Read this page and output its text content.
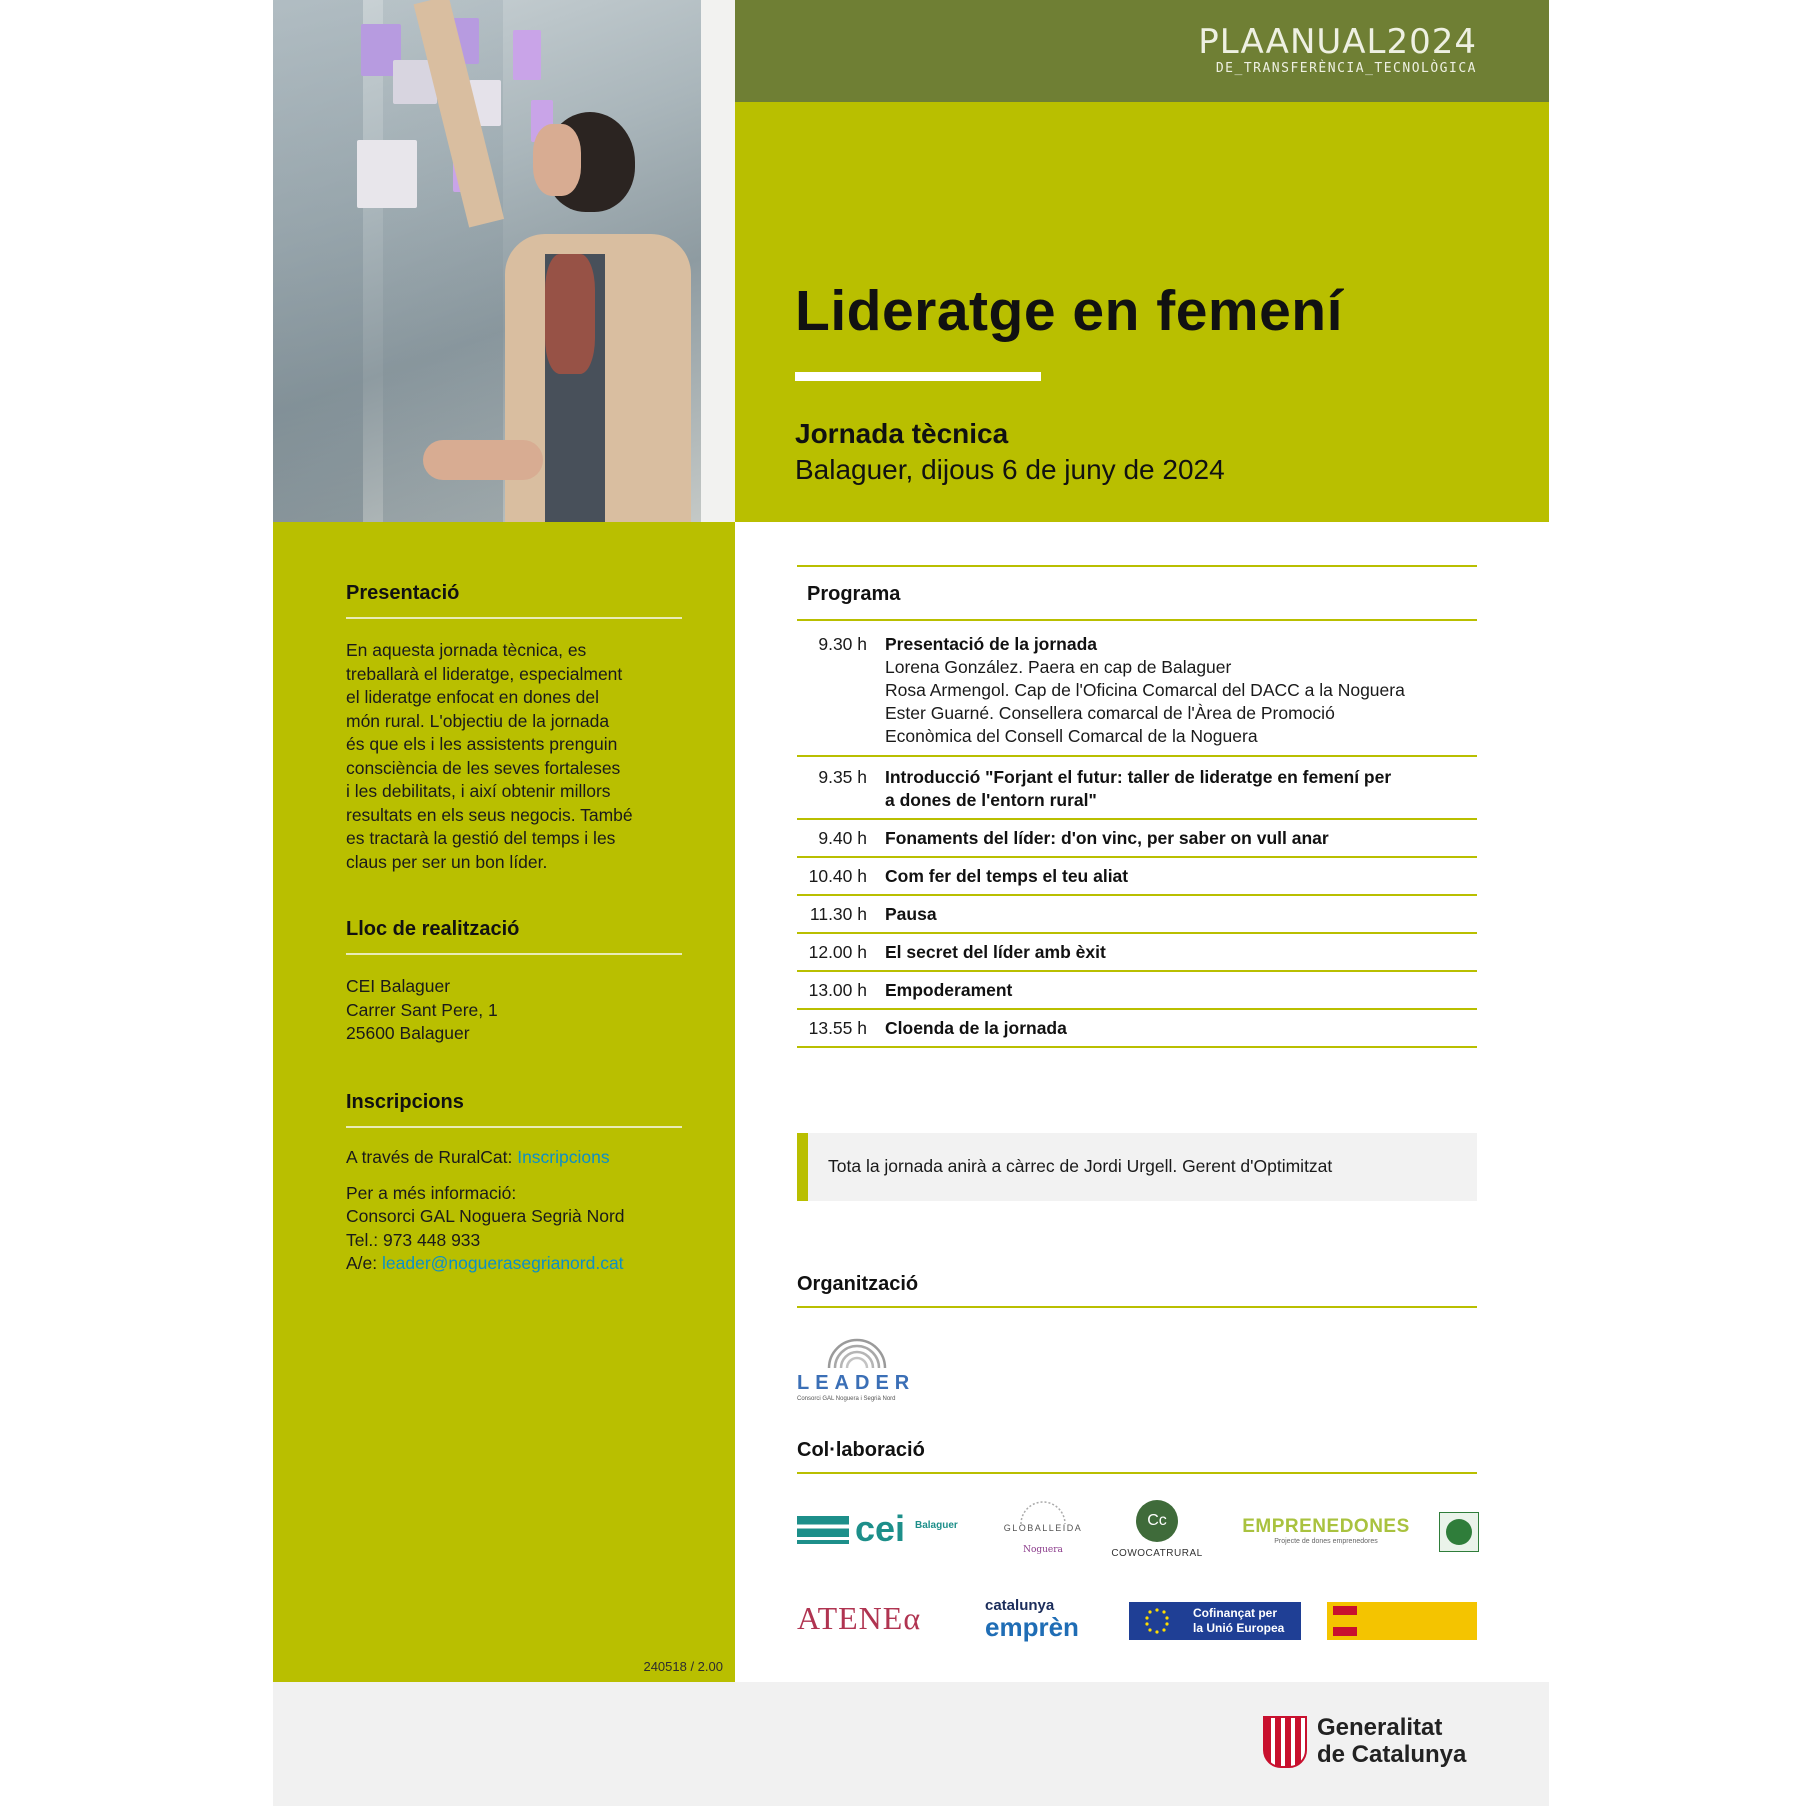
PLAANUAL2024
DE_TRANSFERÈNCIA_TECNOLÒGICA
Lideratge en femení
Jornada tècnica
Balaguer, dijous 6 de juny de 2024
Presentació

En aquesta jornada tècnica, es

treballarà el lideratge, especialment

el lideratge enfocat en dones del

món rural. L'objectiu de la jornada

és que els i les assistents prenguin

consciència de les seves fortaleses

i les debilitats, i així obtenir millors

resultats en els seus negocis. També

es tractarà la gestió del temps i les

claus per ser un bon líder.

Lloc de realització

CEI Balaguer

Carrer Sant Pere, 1

25600 Balaguer

Inscripcions

A través de RuralCat: Inscripcions

Per a més informació:

Consorci GAL Noguera Segrià Nord

Tel.: 973 448 933

A/e: leader@noguerasegrianord.cat

240518 / 2.00
Programa
9.30 h	Presentació de la jornada
Lorena González. Paera en cap de Balaguer
Rosa Armengol. Cap de l'Oficina Comarcal del DACC a la Noguera
Ester Guarné. Consellera comarcal de l'Àrea de Promoció
Econòmica del Consell Comarcal de la Noguera
9.35 h	Introducció "Forjant el futur: taller de lideratge en femení per
a dones de l'entorn rural"
9.40 h	Fonaments del líder: d'on vinc, per saber on vull anar
10.40 h	Com fer del temps el teu aliat
11.30 h	Pausa
12.00 h	El secret del líder amb èxit
13.00 h	Empoderament
13.55 h	Cloenda de la jornada
Tota la jornada anirà a càrrec de Jordi Urgell. Gerent d'Optimitzat
Organització
LEADER
Consorci GAL Noguera i Segrià Nord
Col·laboració
cei Balaguer	GLOBALLEIDA
Noguera
Cc
COWOCATRURAL
EMPRENEDONES
Projecte de dones emprenedores
ATENEα	catalunya
emprèn	Cofinançat per
la Unió Europea
Generalitat
de Catalunya
